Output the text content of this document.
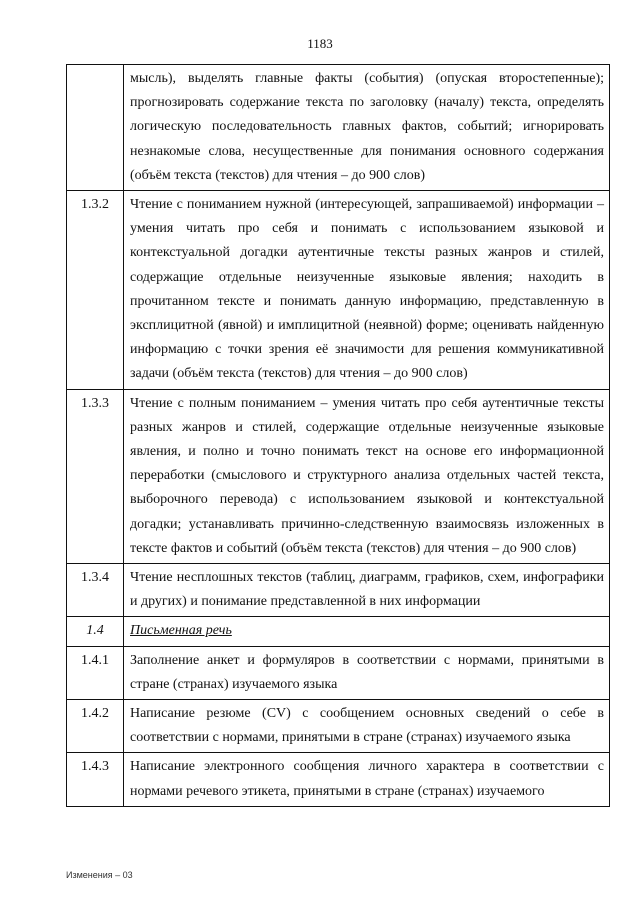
1183
	мысль), выделять главные факты (события) (опуская второстепенные); прогнозировать содержание текста по заголовку (началу) текста, определять логическую последовательность главных фактов, событий; игнорировать незнакомые слова, несущественные для понимания основного содержания (объём текста (текстов) для чтения – до 900 слов)
1.3.2	Чтение с пониманием нужной (интересующей, запрашиваемой) информации – умения читать про себя и понимать с использованием языковой и контекстуальной догадки аутентичные тексты разных жанров и стилей, содержащие отдельные неизученные языковые явления; находить в прочитанном тексте и понимать данную информацию, представленную в эксплицитной (явной) и имплицитной (неявной) форме; оценивать найденную информацию с точки зрения её значимости для решения коммуникативной задачи (объём текста (текстов) для чтения – до 900 слов)
1.3.3	Чтение с полным пониманием – умения читать про себя аутентичные тексты разных жанров и стилей, содержащие отдельные неизученные языковые явления, и полно и точно понимать текст на основе его информационной переработки (смыслового и структурного анализа отдельных частей текста, выборочного перевода) с использованием языковой и контекстуальной догадки; устанавливать причинно-следственную взаимосвязь изложенных в тексте фактов и событий (объём текста (текстов) для чтения – до 900 слов)
1.3.4	Чтение несплошных текстов (таблиц, диаграмм, графиков, схем, инфографики и других) и понимание представленной в них информации
1.4	Письменная речь
1.4.1	Заполнение анкет и формуляров в соответствии с нормами, принятыми в стране (странах) изучаемого языка
1.4.2	Написание резюме (CV) с сообщением основных сведений о себе в соответствии с нормами, принятыми в стране (странах) изучаемого языка
1.4.3	Написание электронного сообщения личного характера в соответствии с нормами речевого этикета, принятыми в стране (странах) изучаемого
Изменения – 03
